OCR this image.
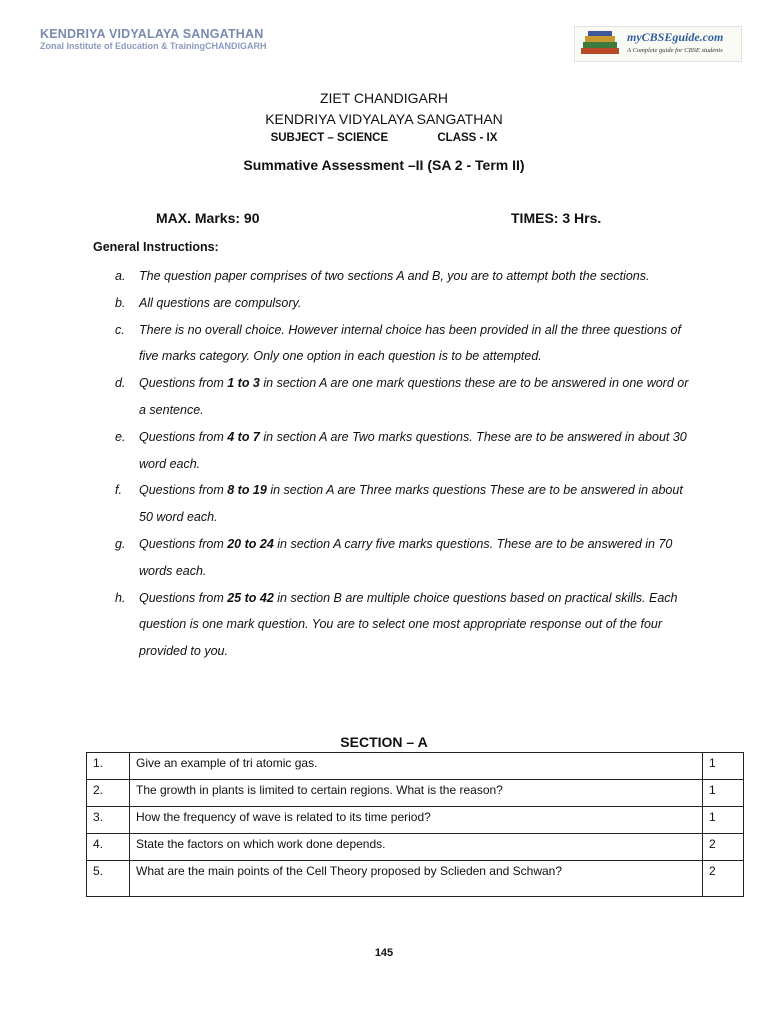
KENDRIYA VIDYALAYA SANGATHAN
Zonal Institute of Education & TrainingCHANDIGARH
myCBSEguide.com
A Complete guide for CBSE students
ZIET CHANDIGARH
KENDRIYA VIDYALAYA SANGATHAN
SUBJECT – SCIENCE	CLASS - IX
Summative Assessment –II (SA 2 - Term II)
MAX. Marks: 90	TIMES: 3 Hrs.
General Instructions:
a. The question paper comprises of two sections A and B, you are to attempt both the sections.
b. All questions are compulsory.
c. There is no overall choice. However internal choice has been provided in all the three questions of five marks category. Only one option in each question is to be attempted.
d. Questions from 1 to 3 in section A are one mark questions these are to be answered in one word or a sentence.
e. Questions from 4 to 7 in section A are Two marks questions. These are to be answered in about 30 word each.
f. Questions from 8 to 19 in section A are Three marks questions These are to be answered in about 50 word each.
g. Questions from 20 to 24 in section A carry five marks questions. These are to be answered in 70 words each.
h. Questions from 25 to 42 in section B are multiple choice questions based on practical skills. Each question is one mark question. You are to select one most appropriate response out of the four provided to you.
SECTION – A
1.	Give an example of tri atomic gas.	1
2.	The growth in plants is limited to certain regions. What is the reason?	1
3.	How the frequency of wave is related to its time period?	1
4.	State the factors on which work done depends.	2
5.	What are the main points of the Cell Theory proposed by Sclieden and Schwan?	2
145
